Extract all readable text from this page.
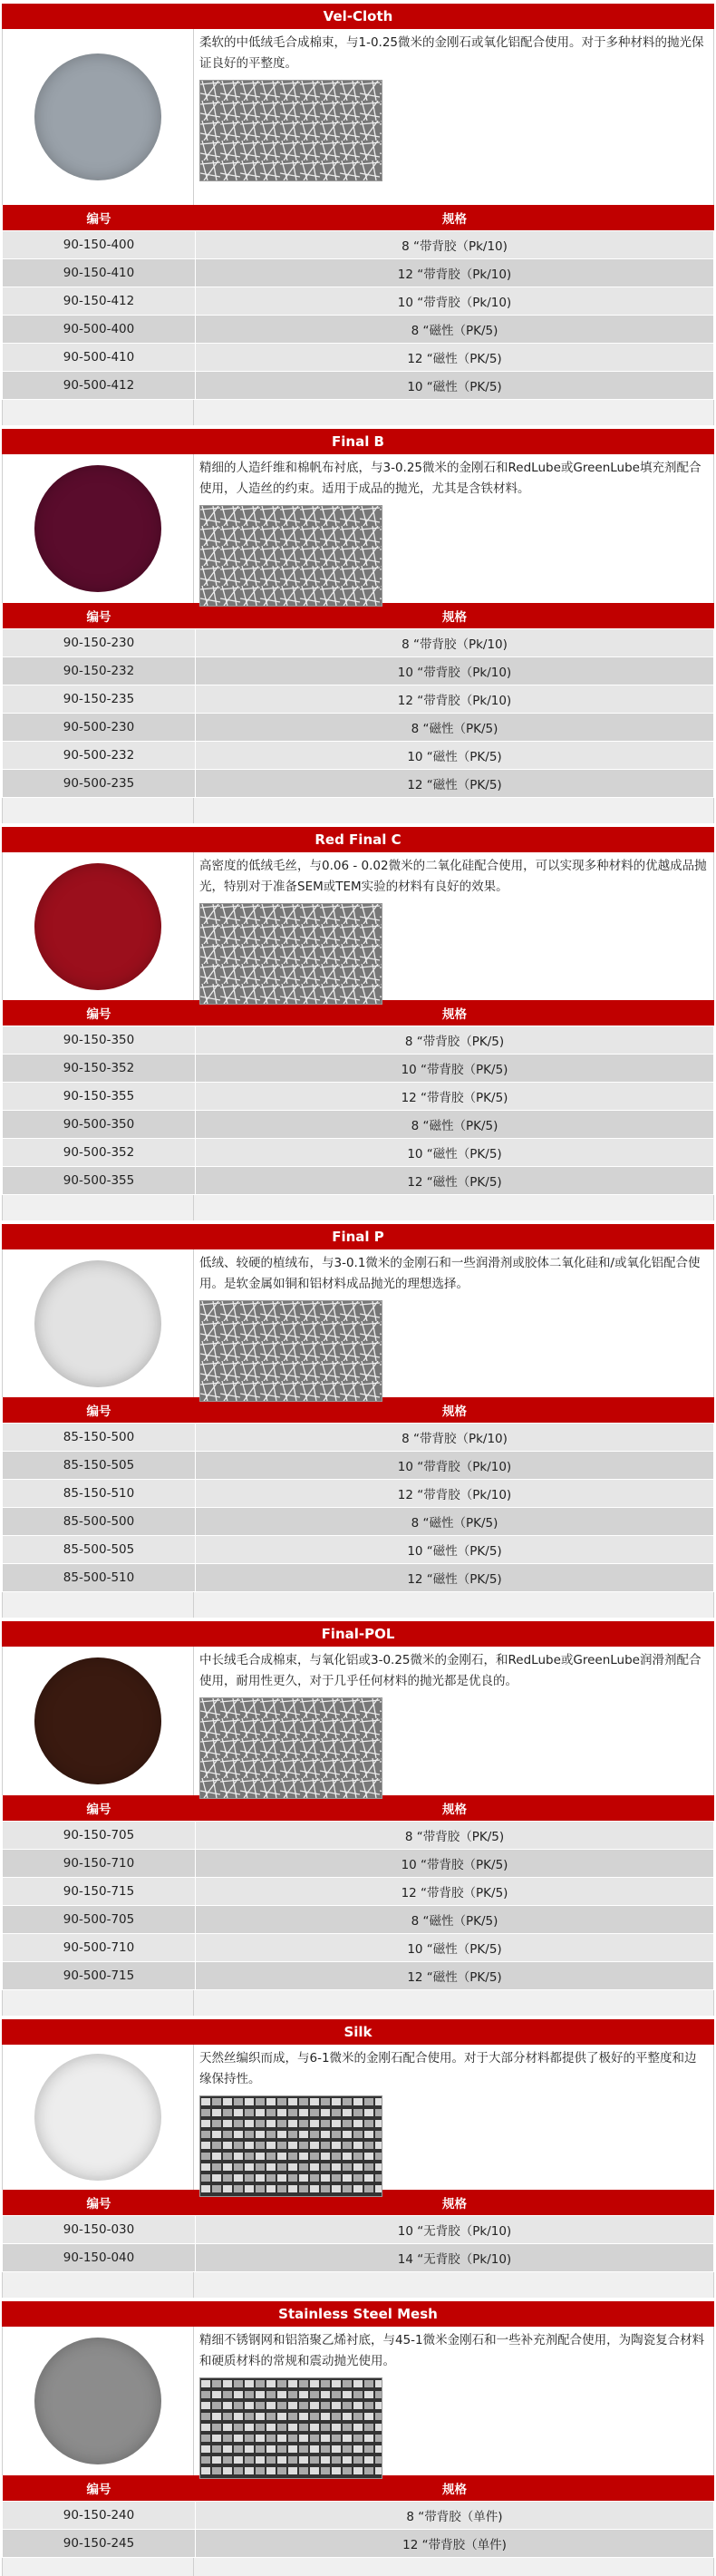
Vel-Cloth

柔软的中低绒毛合成棉束，与1-0.25微米的金刚石或氧化铝配合使用。对于多种材料的抛光保证良好的平整度。

编号	规格
90-150-400	8 “带背胶（Pk/10)
90-150-410	12 “带背胶（Pk/10)
90-150-412	10 “带背胶（Pk/10)
90-500-400	8 “磁性（PK/5)
90-500-410	12 “磁性（PK/5)
90-500-412	10 “磁性（PK/5)
Final B

精细的人造纤维和棉帆布衬底，与3-0.25微米的金刚石和RedLube或GreenLube填充剂配合使用，人造丝的约束。适用于成品的抛光，尤其是含铁材料。

编号	规格
90-150-230	8 “带背胶（Pk/10)
90-150-232	10 “带背胶（Pk/10)
90-150-235	12 “带背胶（Pk/10)
90-500-230	8 “磁性（PK/5)
90-500-232	10 “磁性（PK/5)
90-500-235	12 “磁性（PK/5)
Red Final C

高密度的低绒毛丝，与0.06 - 0.02微米的二氧化硅配合使用，可以实现多种材料的优越成品抛光，特别对于准备SEM或TEM实验的材料有良好的效果。

编号	规格
90-150-350	8 “带背胶（PK/5)
90-150-352	10 “带背胶（PK/5)
90-150-355	12 “带背胶（PK/5)
90-500-350	8 “磁性（PK/5)
90-500-352	10 “磁性（PK/5)
90-500-355	12 “磁性（PK/5)
Final P

低绒、较硬的植绒布，与3-0.1微米的金刚石和一些润滑剂或胶体二氧化硅和/或氧化铝配合使用。是软金属如铜和铝材料成品抛光的理想选择。

编号	规格
85-150-500	8 “带背胶（Pk/10)
85-150-505	10 “带背胶（Pk/10)
85-150-510	12 “带背胶（Pk/10)
85-500-500	8 “磁性（PK/5)
85-500-505	10 “磁性（PK/5)
85-500-510	12 “磁性（PK/5)
Final-POL

中长绒毛合成棉束，与氧化铝或3-0.25微米的金刚石，和RedLube或GreenLube润滑剂配合使用，耐用性更久，对于几乎任何材料的抛光都是优良的。

编号	规格
90-150-705	8 “带背胶（PK/5)
90-150-710	10 “带背胶（PK/5)
90-150-715	12 “带背胶（PK/5)
90-500-705	8 “磁性（PK/5)
90-500-710	10 “磁性（PK/5)
90-500-715	12 “磁性（PK/5)
Silk

天然丝编织而成，与6-1微米的金刚石配合使用。对于大部分材料都提供了极好的平整度和边缘保持性。

编号	规格
90-150-030	10 “无背胶（Pk/10)
90-150-040	14 “无背胶（Pk/10)
Stainless Steel Mesh

精细不锈钢网和铝箔聚乙烯衬底，与45-1微米金刚石和一些补充剂配合使用，为陶瓷复合材料和硬质材料的常规和震动抛光使用。

编号	规格
90-150-240	8 “带背胶（单件)
90-150-245	12 “带背胶（单件)
